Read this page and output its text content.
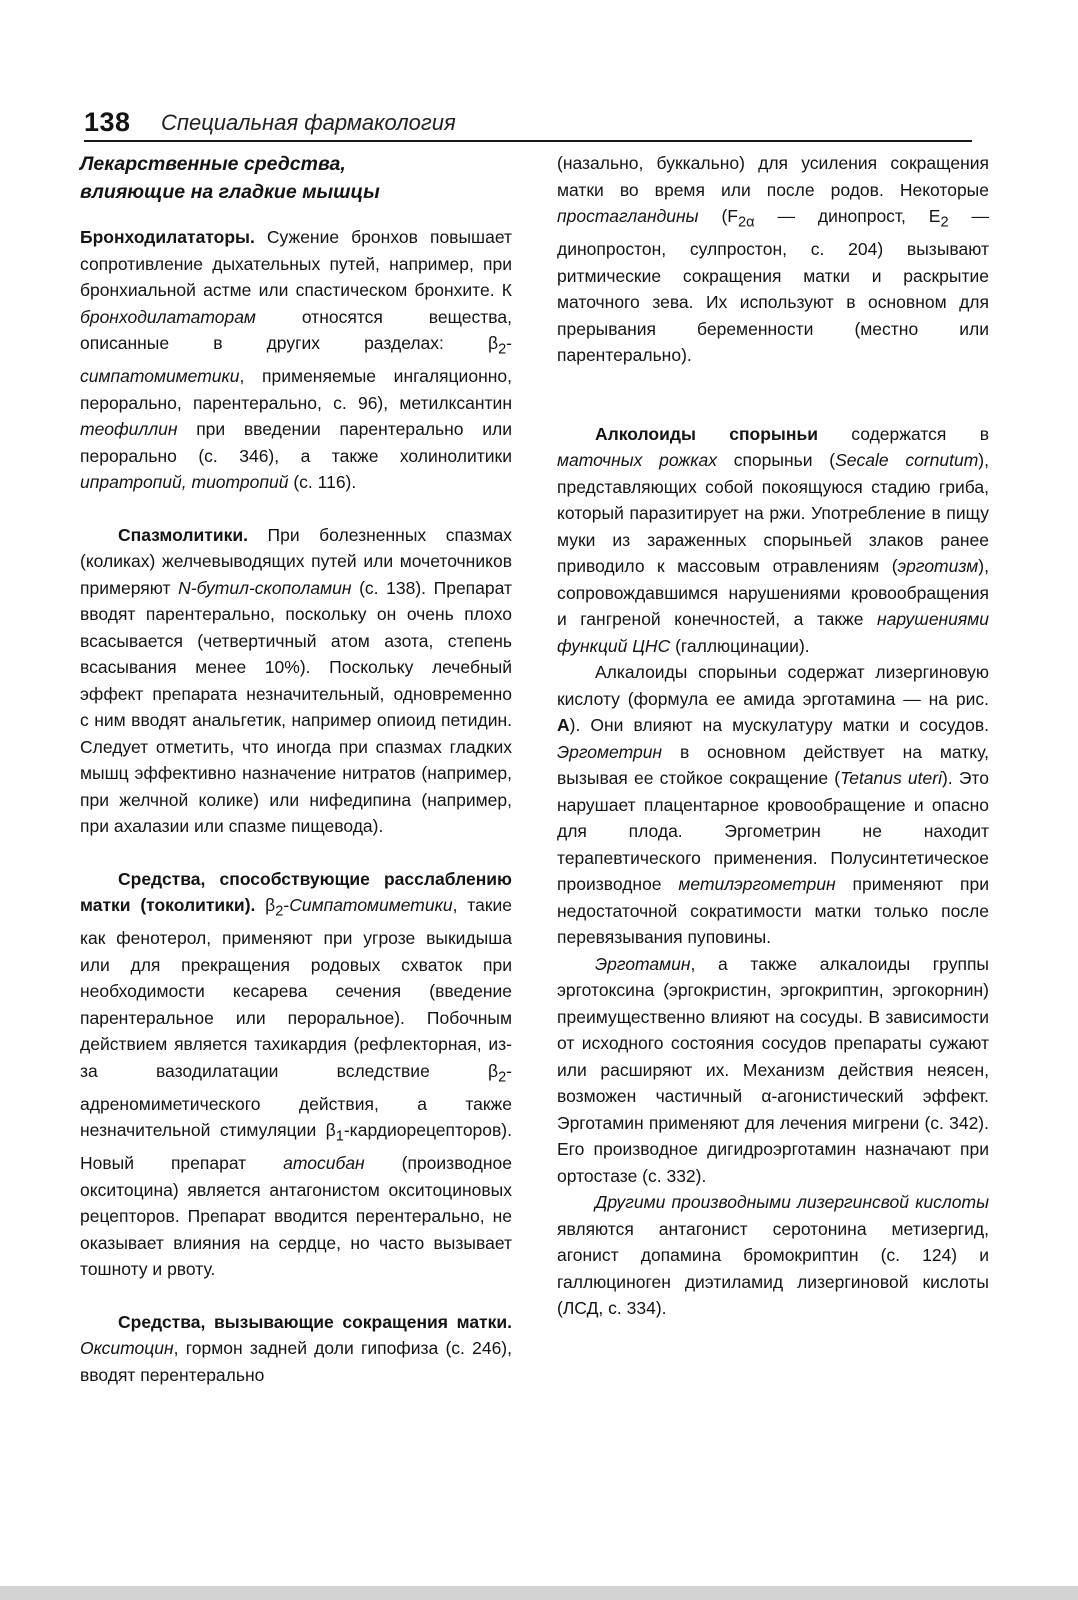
138 Специальная фармакология
Лекарственные средства,
влияющие на гладкие мышцы

Бронходилататоры. Сужение бронхов повышает сопротивление дыхательных путей, например, при бронхиальной астме или спастическом бронхите. К бронходилататорам относятся вещества, описанные в других разделах: $\beta_2$-симпатомиметики, применяемые ингаляционно, перорально, парентерально, с. 96), метилксантин теофиллин при введении парентерально или перорально (с. 346), а также холинолитики ипратропий, тиотропий (с. 116).

Спазмолитики. При болезненных спазмах (коликах) желчевыводящих путей или мочеточников примеряют N-бутил-скополамин (с. 138). Препарат вводят парентерально, поскольку он очень плохо всасывается (четвертичный атом азота, степень всасывания менее 10%). Поскольку лечебный эффект препарата незначительный, одновременно с ним вводят анальгетик, например опиоид петидин. Следует отметить, что иногда при спазмах гладких мышц эффективно назначение нитратов (например, при желчной колике) или нифедипина (например, при ахалазии или спазме пищевода).

Средства, способствующие расслаблению матки (токолитики). $\beta_2$-Симпатомиметики, такие как фенотерол, применяют при угрозе выкидыша или для прекращения родовых схваток при необходимости кесарева сечения (введение парентеральное или пероральное). Побочным действием является тахикардия (рефлекторная, из-за вазодилатации вследствие $\beta_2$-адреномиметического действия, а также незначительной стимуляции $\beta_1-кардиорецепторов$). Новый препарат атосибан (производное окситоцина) является антагонистом окситоциновых рецепторов. Препарат вводится перентерально, не оказывает влияния на сердце, но часто вызывает тошноту и рвоту.

Средства, вызывающие сокращения матки. Окситоцин, гормон задней доли гипофиза (с. 246), вводят перентерально

(назально, буккально) для усиления сокращения матки во время или после родов. Некоторые простагландины ($F_{2\alpha}$ — динопрост, $E_2$ — динопростон, сулпростон, с. 204) вызывают ритмические сокращения матки и раскрытие маточного зева. Их используют в основном для прерывания беременности (местно или парентерально).

Алколоиды спорыньи содержатся в маточных рожках спорыньи (Secale cornutum), представляющих собой покоящуюся стадию гриба, который паразитирует на ржи. Употребление в пищу муки из зараженных спорыньей злаков ранее приводило к массовым отравлениям (эрготизм), сопровождавшимся нарушениями кровообращения и гангреной конечностей, а также нарушениями функций ЦНС (галлюцинации).

Алкалоиды спорыньи содержат лизергиновую кислоту (формула ее амида эрготамина — на рис. А). Они влияют на мускулатуру матки и сосудов. Эргометрин в основном действует на матку, вызывая ее стойкое сокращение (Tetanus uteri). Это нарушает плацентарное кровообращение и опасно для плода. Эргометрин не находит терапевтического применения. Полусинтетическое производное метилэргометрин применяют при недостаточной сократимости матки только после перевязывания пуповины.

Эрготамин, а также алкалоиды группы эрготоксина (эргокристин, эргокриптин, эргокорнин) преимущественно влияют на сосуды. В зависимости от исходного состояния сосудов препараты сужают или расширяют их. Механизм действия неясен, возможен частичный α-агонистический эффект. Эрготамин применяют для лечения мигрени (с. 342). Его производное дигидроэрготамин назначают при ортостазе (с. 332).

Другими производными лизергинсвой кислоты являются антагонист серотонина метизергид, агонист допамина бромокриптин (с. 124) и галлюциноген диэтиламид лизергиновой кислоты (ЛСД, с. 334).
